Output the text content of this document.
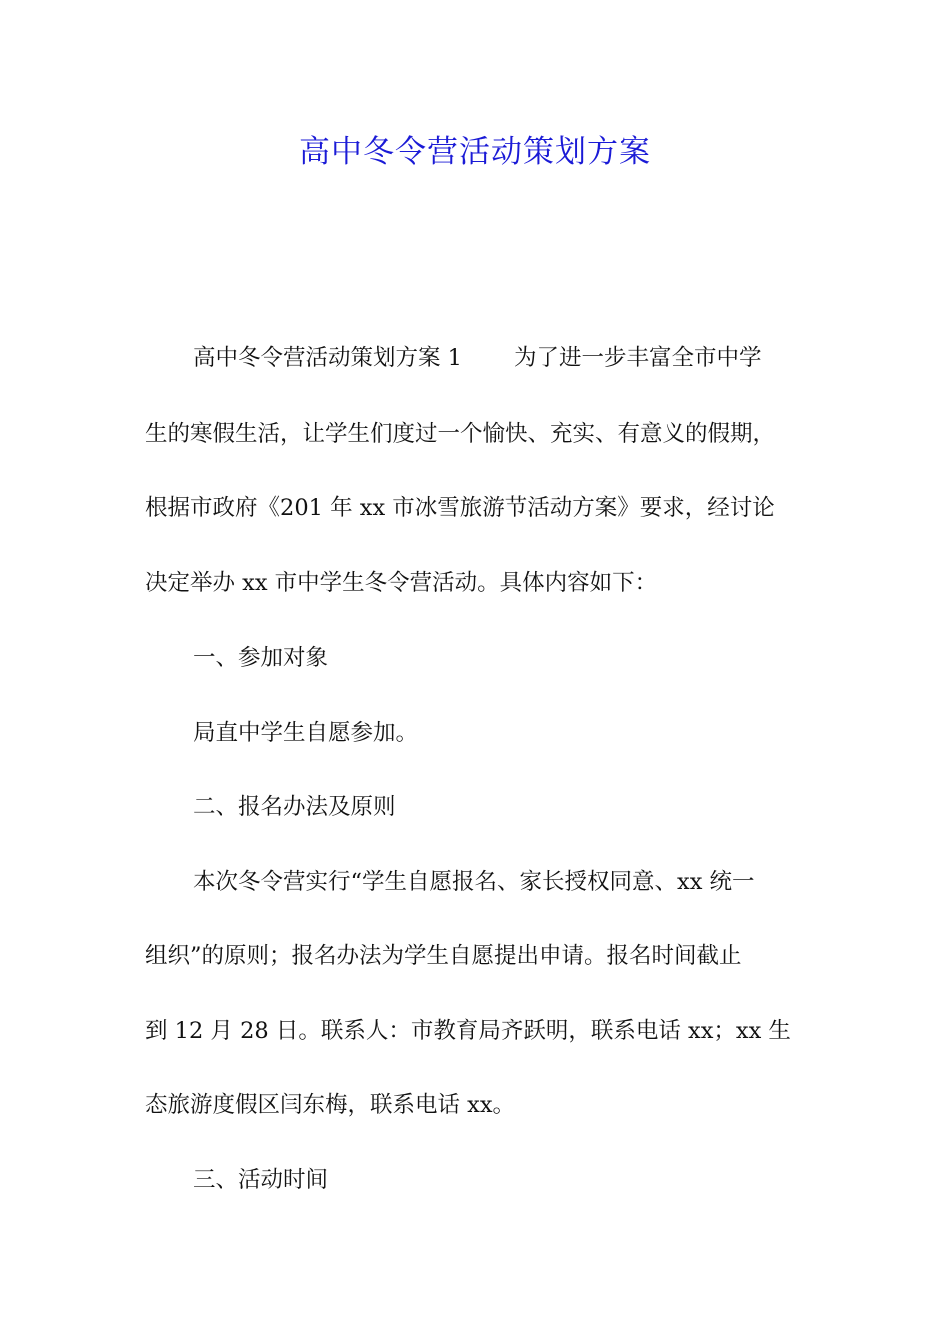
高中冬令营活动策划方案
高中冬令营活动策划方案 1 为了进一步丰富全市中学
生的寒假生活，让学生们度过一个愉快、充实、有意义的假期，
根据市政府《201 年 xx 市冰雪旅游节活动方案》要求，经讨论
决定举办 xx 市中学生冬令营活动。具体内容如下：
一、参加对象
局直中学生自愿参加。
二、报名办法及原则
本次冬令营实行“学生自愿报名、家长授权同意、xx 统一
组织”的原则；报名办法为学生自愿提出申请。报名时间截止
到 12 月 28 日。联系人：市教育局齐跃明，联系电话 xx；xx 生
态旅游度假区闫东梅，联系电话 xx。
三、活动时间
